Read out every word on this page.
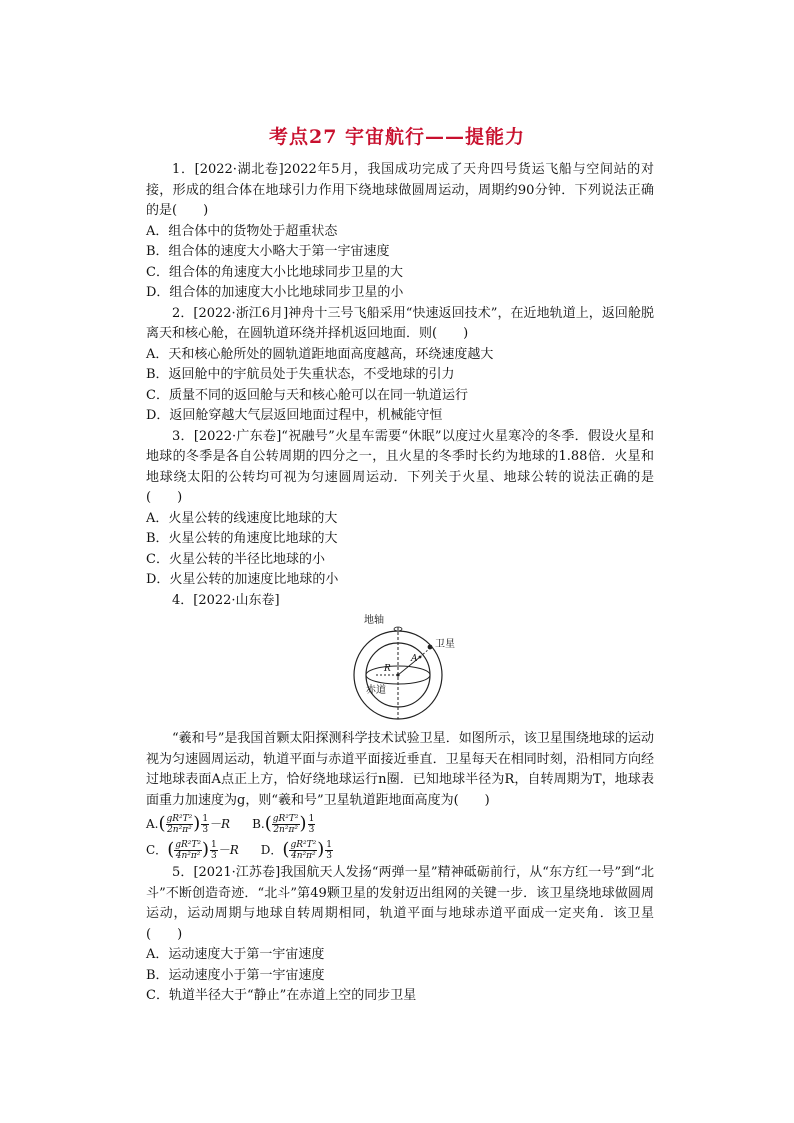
考点27 宇宙航行——提能力

1．[2022·湖北卷]2022年5月，我国成功完成了天舟四号货运飞船与空间站的对接，形成的组合体在地球引力作用下绕地球做圆周运动，周期约90分钟．下列说法正确的是(　　)

A．组合体中的货物处于超重状态

B．组合体的速度大小略大于第一宇宙速度

C．组合体的角速度大小比地球同步卫星的大

D．组合体的加速度大小比地球同步卫星的小

2．[2022·浙江6月]神舟十三号飞船采用“快速返回技术”，在近地轨道上，返回舱脱离天和核心舱，在圆轨道环绕并择机返回地面．则(　　)

A．天和核心舱所处的圆轨道距地面高度越高，环绕速度越大

B．返回舱中的宇航员处于失重状态，不受地球的引力

C．质量不同的返回舱与天和核心舱可以在同一轨道运行

D．返回舱穿越大气层返回地面过程中，机械能守恒

3．[2022·广东卷]“祝融号”火星车需要“休眠”以度过火星寒冷的冬季．假设火星和地球的冬季是各自公转周期的四分之一，且火星的冬季时长约为地球的1.88倍．火星和地球绕太阳的公转均可视为匀速圆周运动．下列关于火星、地球公转的说法正确的是(　　)

A．火星公转的线速度比地球的大

B．火星公转的角速度比地球的大

C．火星公转的半径比地球的小

D．火星公转的加速度比地球的小

4．[2022·山东卷]

地轴
卫星
A
R
赤道

“羲和号”是我国首颗太阳探测科学技术试验卫星．如图所示，该卫星围绕地球的运动视为匀速圆周运动，轨道平面与赤道平面接近垂直．卫星每天在相同时刻，沿相同方向经过地球表面A点正上方，恰好绕地球运行n圈．已知地球半径为R，自转周期为T，地球表面重力加速度为g，则“羲和号”卫星轨道距地面高度为(　　)

A. ( $\frac{\text{gR²T²}}{\text{2n²π²}}$ ) $\frac{1}{3} -R$ B. ( $\frac{\text{gR²T²}}{\text{2n²π²}}$ ) $\frac{1}{3}$
C． ( $\frac{\text{gR²T²}}{\text{4n²π²}}$ ) $\frac{1}{3} -R$ D． ( $\frac{\text{gR²T²}}{\text{4n²π²}}$ ) $\frac{1}{3}$

5．[2021·江苏卷]我国航天人发扬“两弹一星”精神砥砺前行，从“东方红一号”到“北斗”不断创造奇迹．“北斗”第49颗卫星的发射迈出组网的关键一步．该卫星绕地球做圆周运动，运动周期与地球自转周期相同，轨道平面与地球赤道平面成一定夹角．该卫星(　　)

A．运动速度大于第一宇宙速度

B．运动速度小于第一宇宙速度

C．轨道半径大于“静止”在赤道上空的同步卫星
